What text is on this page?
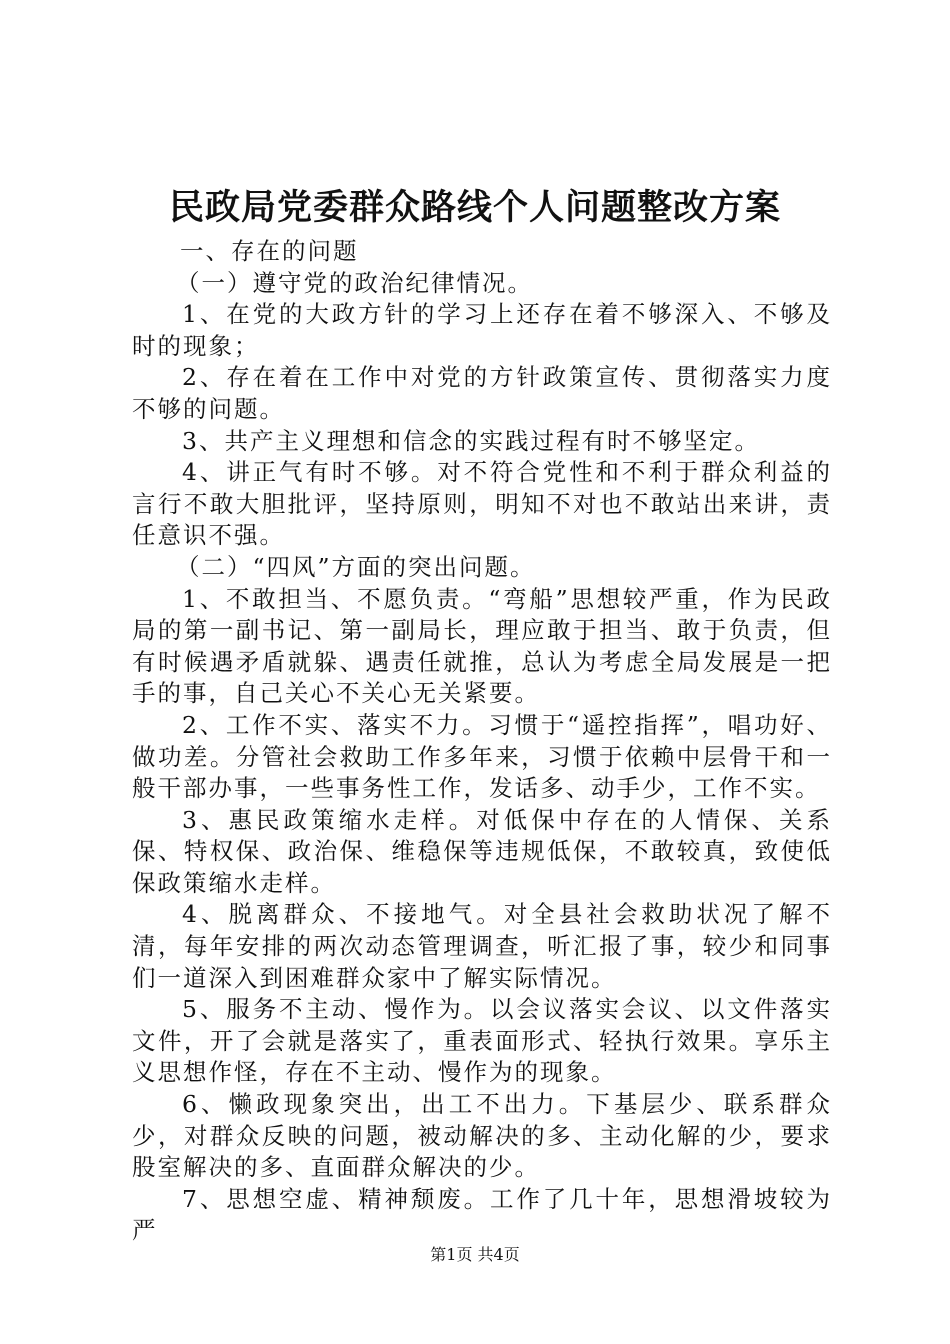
民政局党委群众路线个人问题整改方案

一、存在的问题

（一）遵守党的政治纪律情况。

1、在党的大政方针的学习上还存在着不够深入、不够及时的现象；

2、存在着在工作中对党的方针政策宣传、贯彻落实力度不够的问题。

3、共产主义理想和信念的实践过程有时不够坚定。

4、讲正气有时不够。对不符合党性和不利于群众利益的言行不敢大胆批评，坚持原则，明知不对也不敢站出来讲，责任意识不强。

（二）“四风”方面的突出问题。

1、不敢担当、不愿负责。“弯船”思想较严重，作为民政局的第一副书记、第一副局长，理应敢于担当、敢于负责，但有时候遇矛盾就躲、遇责任就推，总认为考虑全局发展是一把手的事，自己关心不关心无关紧要。

2、工作不实、落实不力。习惯于“遥控指挥”，唱功好、做功差。分管社会救助工作多年来，习惯于依赖中层骨干和一般干部办事，一些事务性工作，发话多、动手少，工作不实。

3、惠民政策缩水走样。对低保中存在的人情保、关系保、特权保、政治保、维稳保等违规低保，不敢较真，致使低保政策缩水走样。

4、脱离群众、不接地气。对全县社会救助状况了解不清，每年安排的两次动态管理调查，听汇报了事，较少和同事们一道深入到困难群众家中了解实际情况。

5、服务不主动、慢作为。以会议落实会议、以文件落实文件，开了会就是落实了，重表面形式、轻执行效果。享乐主义思想作怪，存在不主动、慢作为的现象。

6、懒政现象突出，出工不出力。下基层少、联系群众少，对群众反映的问题，被动解决的多、主动化解的少，要求股室解决的多、直面群众解决的少。

7、思想空虚、精神颓废。工作了几十年，思想滑坡较为严

第1页 共4页
